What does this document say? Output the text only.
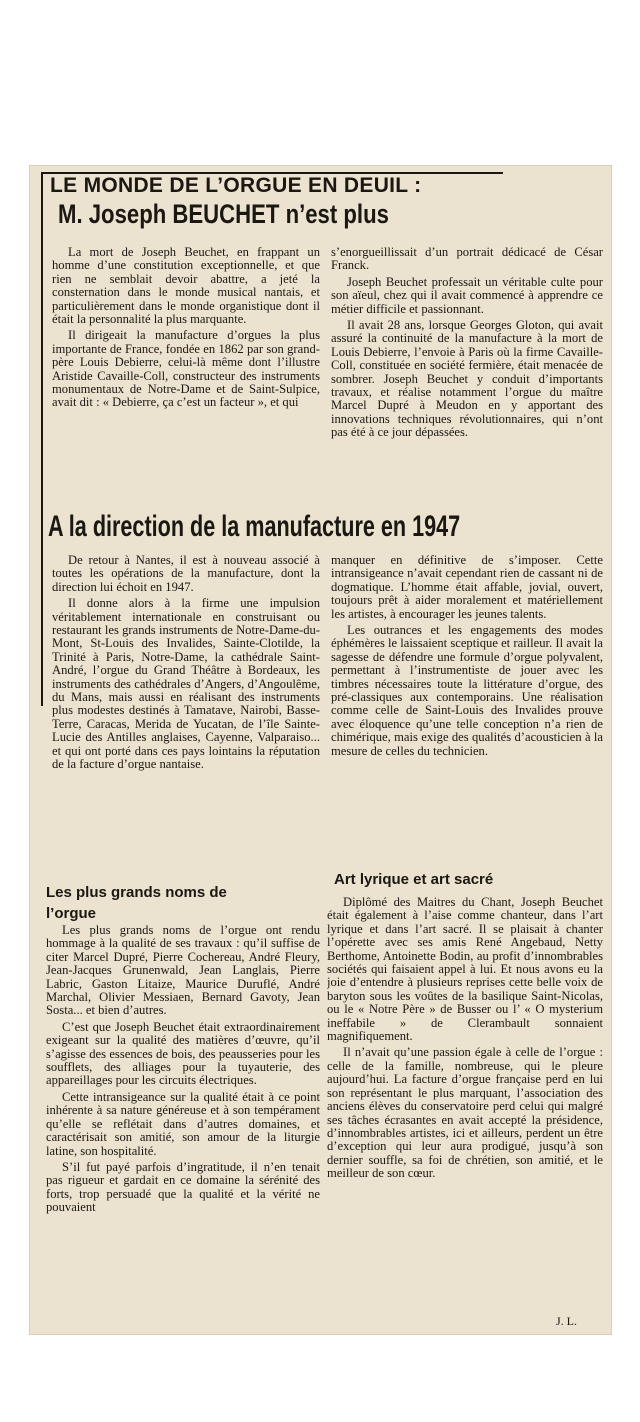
LE MONDE DE L’ORGUE EN DEUIL :
M. Joseph BEUCHET n’est plus

La mort de Joseph Beuchet, en frappant un homme d’une constitution exceptionnelle, et que rien ne semblait devoir abattre, a jeté la consternation dans le monde musical nantais, et particulièrement dans le monde organistique dont il était la personnalité la plus marquante.

Il dirigeait la manufacture d’orgues la plus importante de France, fondée en 1862 par son grand-père Louis Debierre, celui-là même dont l’illustre Aristide Cavaille-Coll, constructeur des instruments monumentaux de Notre-Dame et de Saint-Sulpice, avait dit : « Debierre, ça c’est un facteur », et qui

s’enorgueillissait d’un portrait dédicacé de César Franck.

Joseph Beuchet professait un véritable culte pour son aïeul, chez qui il avait commencé à apprendre ce métier difficile et passionnant.

Il avait 28 ans, lorsque Georges Gloton, qui avait assuré la continuité de la manufacture à la mort de Louis Debierre, l’envoie à Paris où la firme Cavaille-Coll, constituée en société fermière, était menacée de sombrer. Joseph Beuchet y conduit d’importants travaux, et réalise notamment l’orgue du maître Marcel Dupré à Meudon en y apportant des innovations techniques révolutionnaires, qui n’ont pas été à ce jour dépassées.

A la direction de la manufacture en 1947

De retour à Nantes, il est à nouveau associé à toutes les opérations de la manufacture, dont la direction lui échoit en 1947.

Il donne alors à la firme une impulsion véritablement internationale en construisant ou restaurant les grands instruments de Notre-Dame-du-Mont, St-Louis des Invalides, Sainte-Clotilde, la Trinité à Paris, Notre-Dame, la cathédrale Saint-André, l’orgue du Grand Théâtre à Bordeaux, les instruments des cathédrales d’Angers, d’Angoulême, du Mans, mais aussi en réalisant des instruments plus modestes destinés à Tamatave, Nairobi, Basse-Terre, Caracas, Merida de Yucatan, de l’île Sainte-Lucie des Antilles anglaises, Cayenne, Valparaiso... et qui ont porté dans ces pays lointains la réputation de la facture d’orgue nantaise.

manquer en définitive de s’imposer. Cette intransigeance n’avait cependant rien de cassant ni de dogmatique. L’homme était affable, jovial, ouvert, toujours prêt à aider moralement et matériellement les artistes, à encourager les jeunes talents.

Les outrances et les engagements des modes éphémères le laissaient sceptique et railleur. Il avait la sagesse de défendre une formule d’orgue polyvalent, permettant à l’instrumentiste de jouer avec les timbres nécessaires toute la littérature d’orgue, des pré-classiques aux contemporains. Une réalisation comme celle de Saint-Louis des Invalides prouve avec éloquence qu’une telle conception n’a rien de chimérique, mais exige des qualités d’acousticien à la mesure de celles du technicien.

Les plus grands noms de l’orgue
Art lyrique et art sacré

Les plus grands noms de l’orgue ont rendu hommage à la qualité de ses travaux : qu’il suffise de citer Marcel Dupré, Pierre Cochereau, André Fleury, Jean-Jacques Grunenwald, Jean Langlais, Pierre Labric, Gaston Litaize, Maurice Duruflé, André Marchal, Olivier Messiaen, Bernard Gavoty, Jean Sosta... et bien d’autres.

C’est que Joseph Beuchet était extraordinairement exigeant sur la qualité des matières d’œuvre, qu’il s’agisse des essences de bois, des peausseries pour les soufflets, des alliages pour la tuyauterie, des appareillages pour les circuits électriques.

Cette intransigeance sur la qualité était à ce point inhérente à sa nature généreuse et à son tempérament qu’elle se reflétait dans d’autres domaines, et caractérisait son amitié, son amour de la liturgie latine, son hospitalité.

S’il fut payé parfois d’ingratitude, il n’en tenait pas rigueur et gardait en ce domaine la sérénité des forts, trop persuadé que la qualité et la vérité ne pouvaient

Diplômé des Maitres du Chant, Joseph Beuchet était également à l’aise comme chanteur, dans l’art lyrique et dans l’art sacré. Il se plaisait à chanter l’opérette avec ses amis René Angebaud, Netty Berthome, Antoinette Bodin, au profit d’innombrables sociétés qui faisaient appel à lui. Et nous avons eu la joie d’entendre à plusieurs reprises cette belle voix de baryton sous les voûtes de la basilique Saint-Nicolas, ou le « Notre Père » de Busser ou l’ « O mysterium ineffabile » de Clerambault sonnaient magnifiquement.

Il n’avait qu’une passion égale à celle de l’orgue : celle de la famille, nombreuse, qui le pleure aujourd’hui. La facture d’orgue française perd en lui son représentant le plus marquant, l’association des anciens élèves du conservatoire perd celui qui malgré ses tâches écrasantes en avait accepté la présidence, d’innombrables artistes, ici et ailleurs, perdent un être d’exception qui leur aura prodigué, jusqu’à son dernier souffle, sa foi de chrétien, son amitié, et le meilleur de son cœur.

J. L.
